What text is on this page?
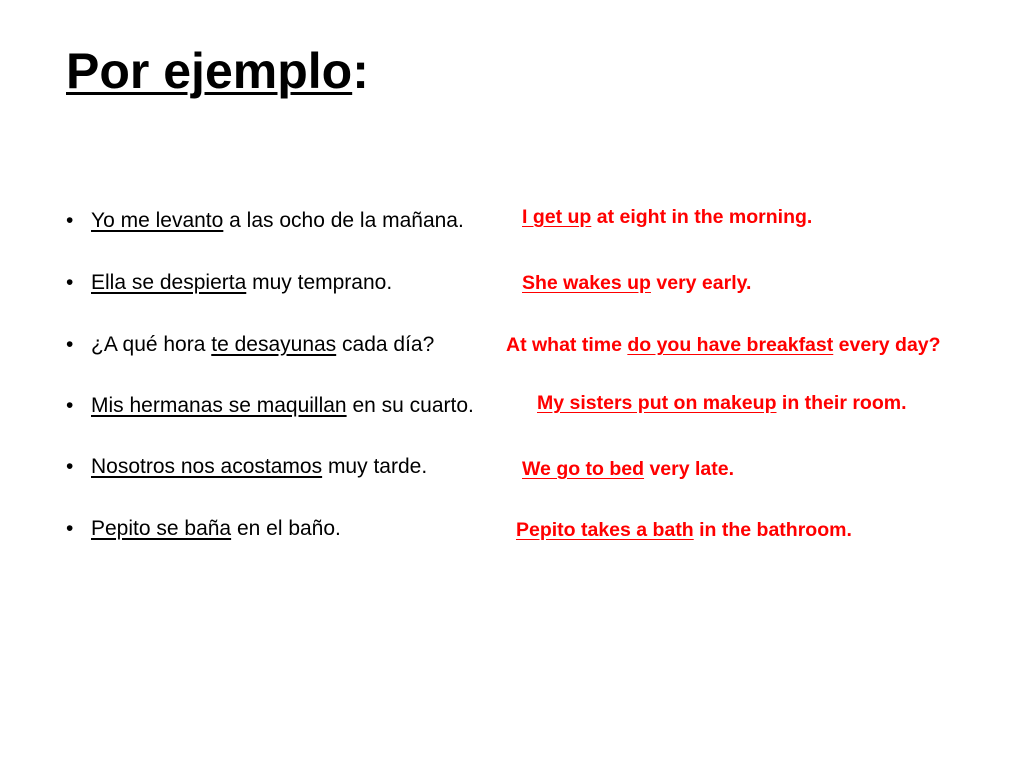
Por ejemplo:
• Yo me levanto a las ocho de la mañana.
• Ella se despierta muy temprano.
• ¿A qué hora te desayunas cada día?
• Mis hermanas se maquillan en su cuarto.
• Nosotros nos acostamos muy tarde.
• Pepito se baña en el baño.
I get up at eight in the morning.
She wakes up very early.
At what time do you have breakfast every day?
My sisters put on makeup in their room.
We go to bed very late.
Pepito takes a bath in the bathroom.
